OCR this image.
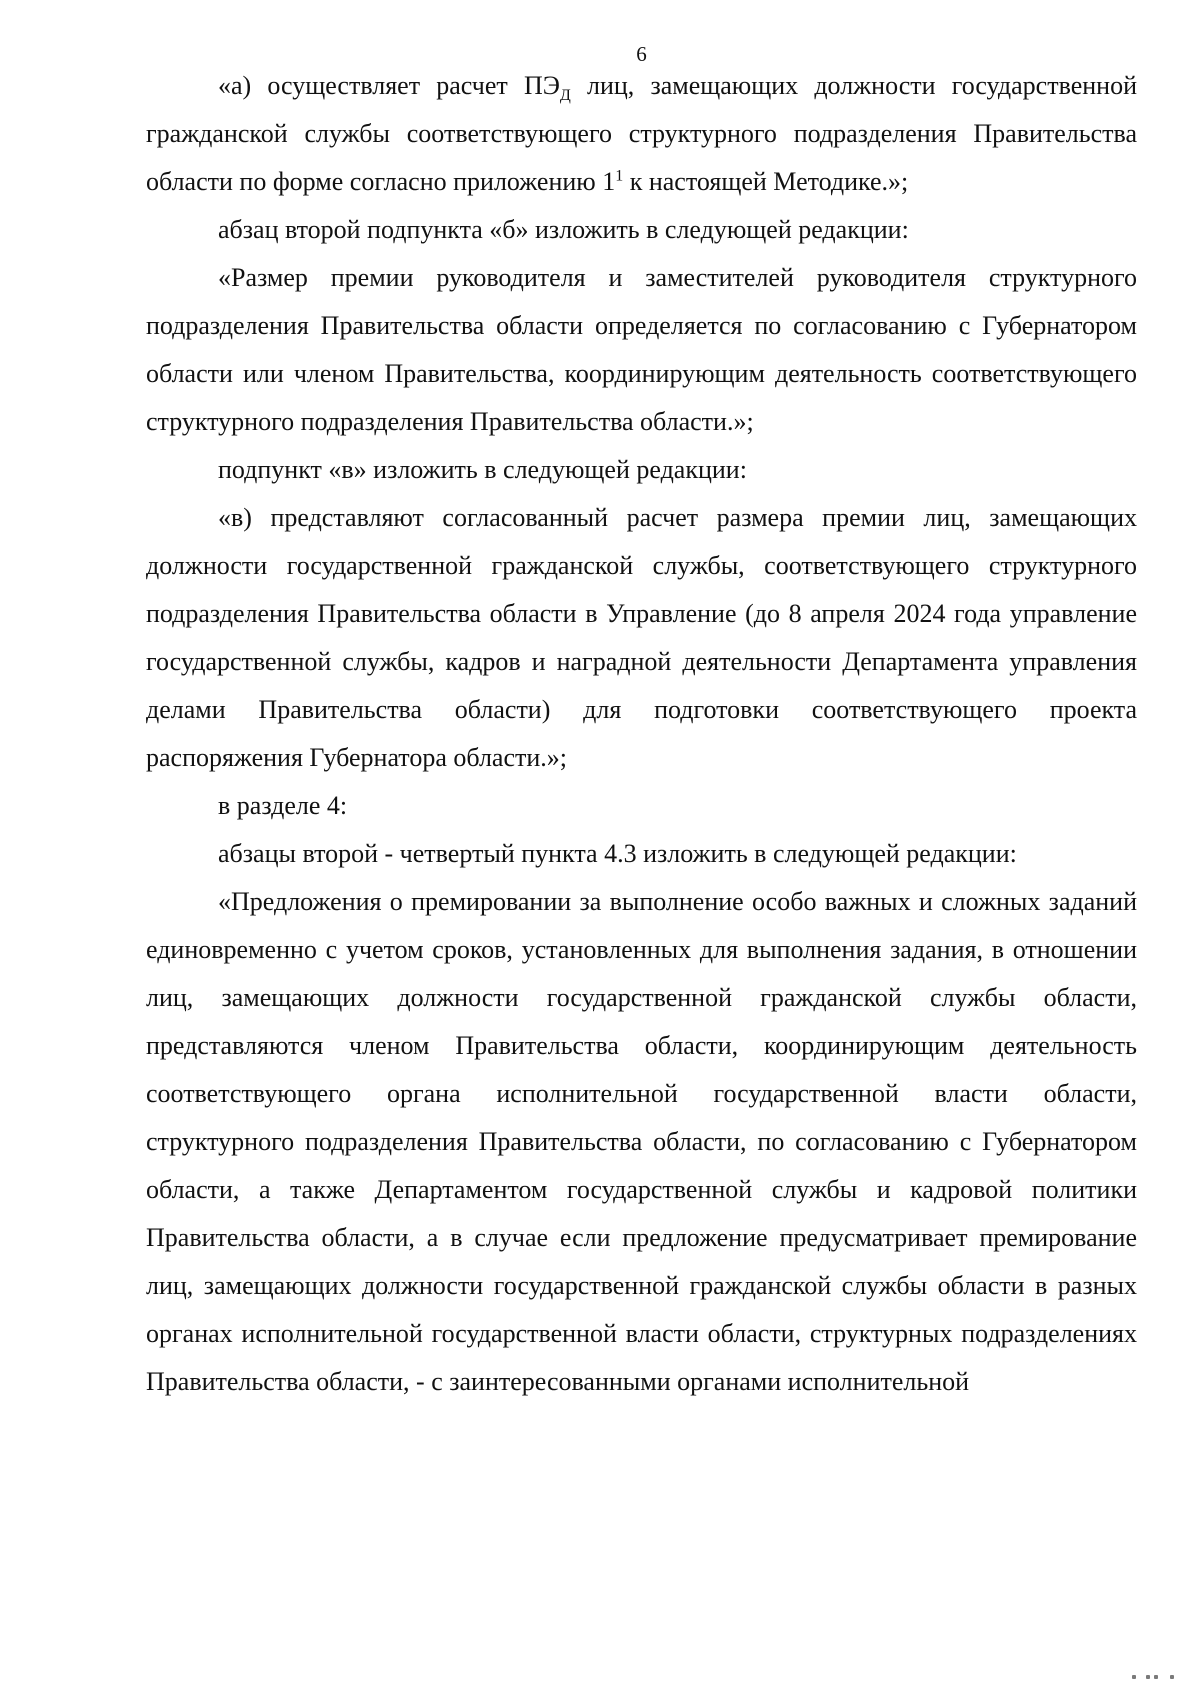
6

«а) осуществляет расчет $ПЭ_Д$ лиц, замещающих должности государственной гражданской службы соответствующего структурного подразделения Правительства области по форме согласно приложению $1^1$ к настоящей Методике.»;

абзац второй подпункта «б» изложить в следующей редакции:

«Размер премии руководителя и заместителей руководителя структурного подразделения Правительства области определяется по согласованию с Губернатором области или членом Правительства, координирующим деятельность соответствующего структурного подразделения Правительства области.»;

подпункт «в» изложить в следующей редакции:

«в) представляют согласованный расчет размера премии лиц, замещающих должности государственной гражданской службы, соответствующего структурного подразделения Правительства области в Управление (до 8 апреля 2024 года управление государственной службы, кадров и наградной деятельности Департамента управления делами Правительства области) для подготовки соответствующего проекта распоряжения Губернатора области.»;

в разделе 4:

абзацы второй - четвертый пункта 4.3 изложить в следующей редакции:

«Предложения о премировании за выполнение особо важных и сложных заданий единовременно с учетом сроков, установленных для выполнения задания, в отношении лиц, замещающих должности государственной гражданской службы области, представляются членом Правительства области, координирующим деятельность соответствующего органа исполнительной государственной власти области, структурного подразделения Правительства области, по согласованию с Губернатором области, а также Департаментом государственной службы и кадровой политики Правительства области, а в случае если предложение предусматривает премирование лиц, замещающих должности государственной гражданской службы области в разных органах исполнительной государственной власти области, структурных подразделениях Правительства области, - с заинтересованными органами исполнительной
